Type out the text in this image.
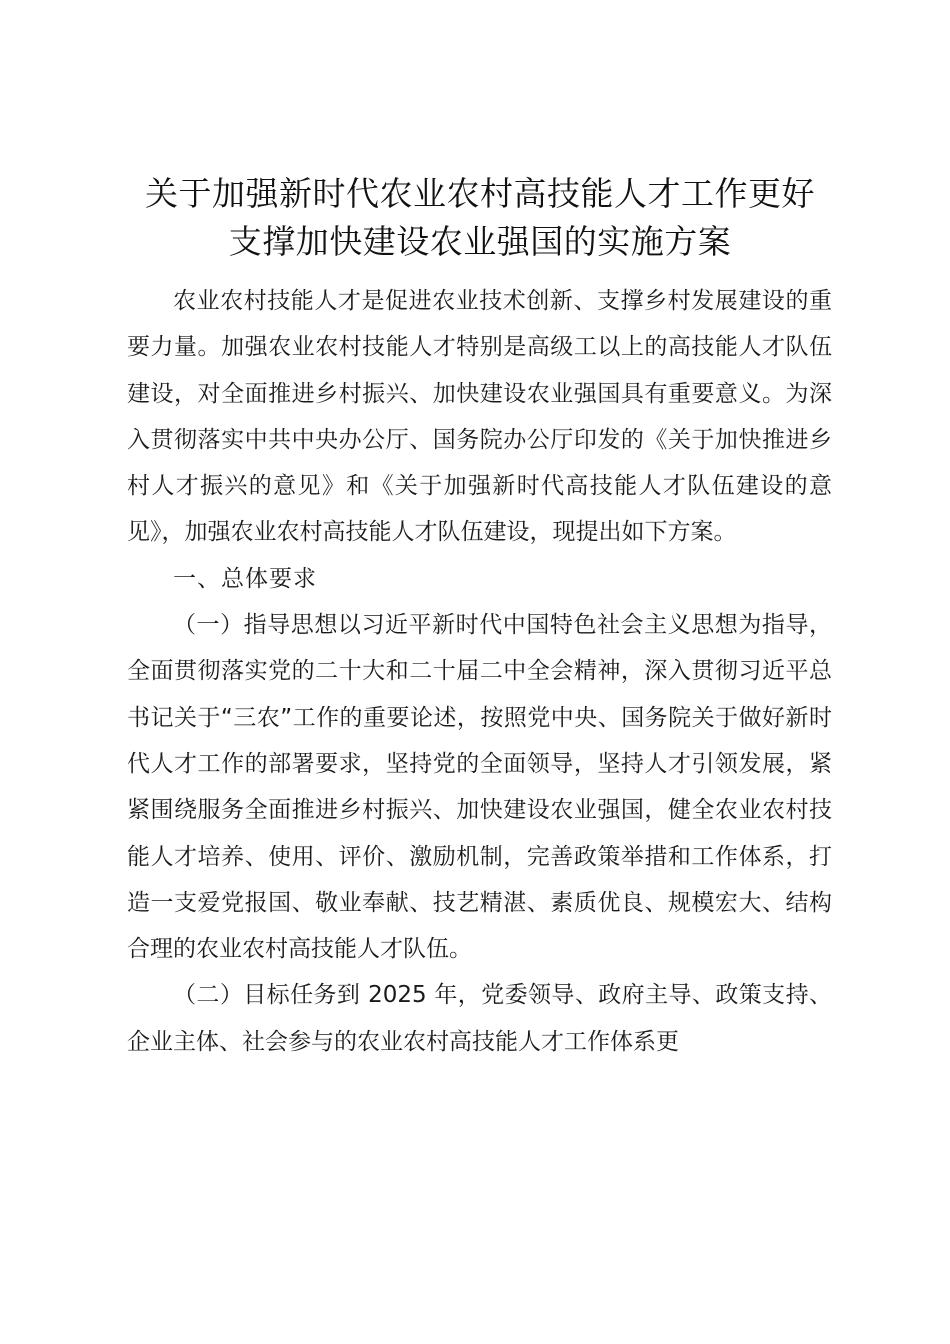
关于加强新时代农业农村高技能人才工作更好
支撑加快建设农业强国的实施方案

农业农村技能人才是促进农业技术创新、支撑乡村发展建设的重要力量。加强农业农村技能人才特别是高级工以上的高技能人才队伍建设，对全面推进乡村振兴、加快建设农业强国具有重要意义。为深入贯彻落实中共中央办公厅、国务院办公厅印发的《关于加快推进乡村人才振兴的意见》和《关于加强新时代高技能人才队伍建设的意见》，加强农业农村高技能人才队伍建设，现提出如下方案。

一、总体要求

（一）指导思想以习近平新时代中国特色社会主义思想为指导，全面贯彻落实党的二十大和二十届二中全会精神，深入贯彻习近平总书记关于“三农”工作的重要论述，按照党中央、国务院关于做好新时代人才工作的部署要求，坚持党的全面领导，坚持人才引领发展，紧紧围绕服务全面推进乡村振兴、加快建设农业强国，健全农业农村技能人才培养、使用、评价、激励机制，完善政策举措和工作体系，打造一支爱党报国、敬业奉献、技艺精湛、素质优良、规模宏大、结构合理的农业农村高技能人才队伍。

（二）目标任务到 2025 年，党委领导、政府主导、政策支持、企业主体、社会参与的农业农村高技能人才工作体系更
